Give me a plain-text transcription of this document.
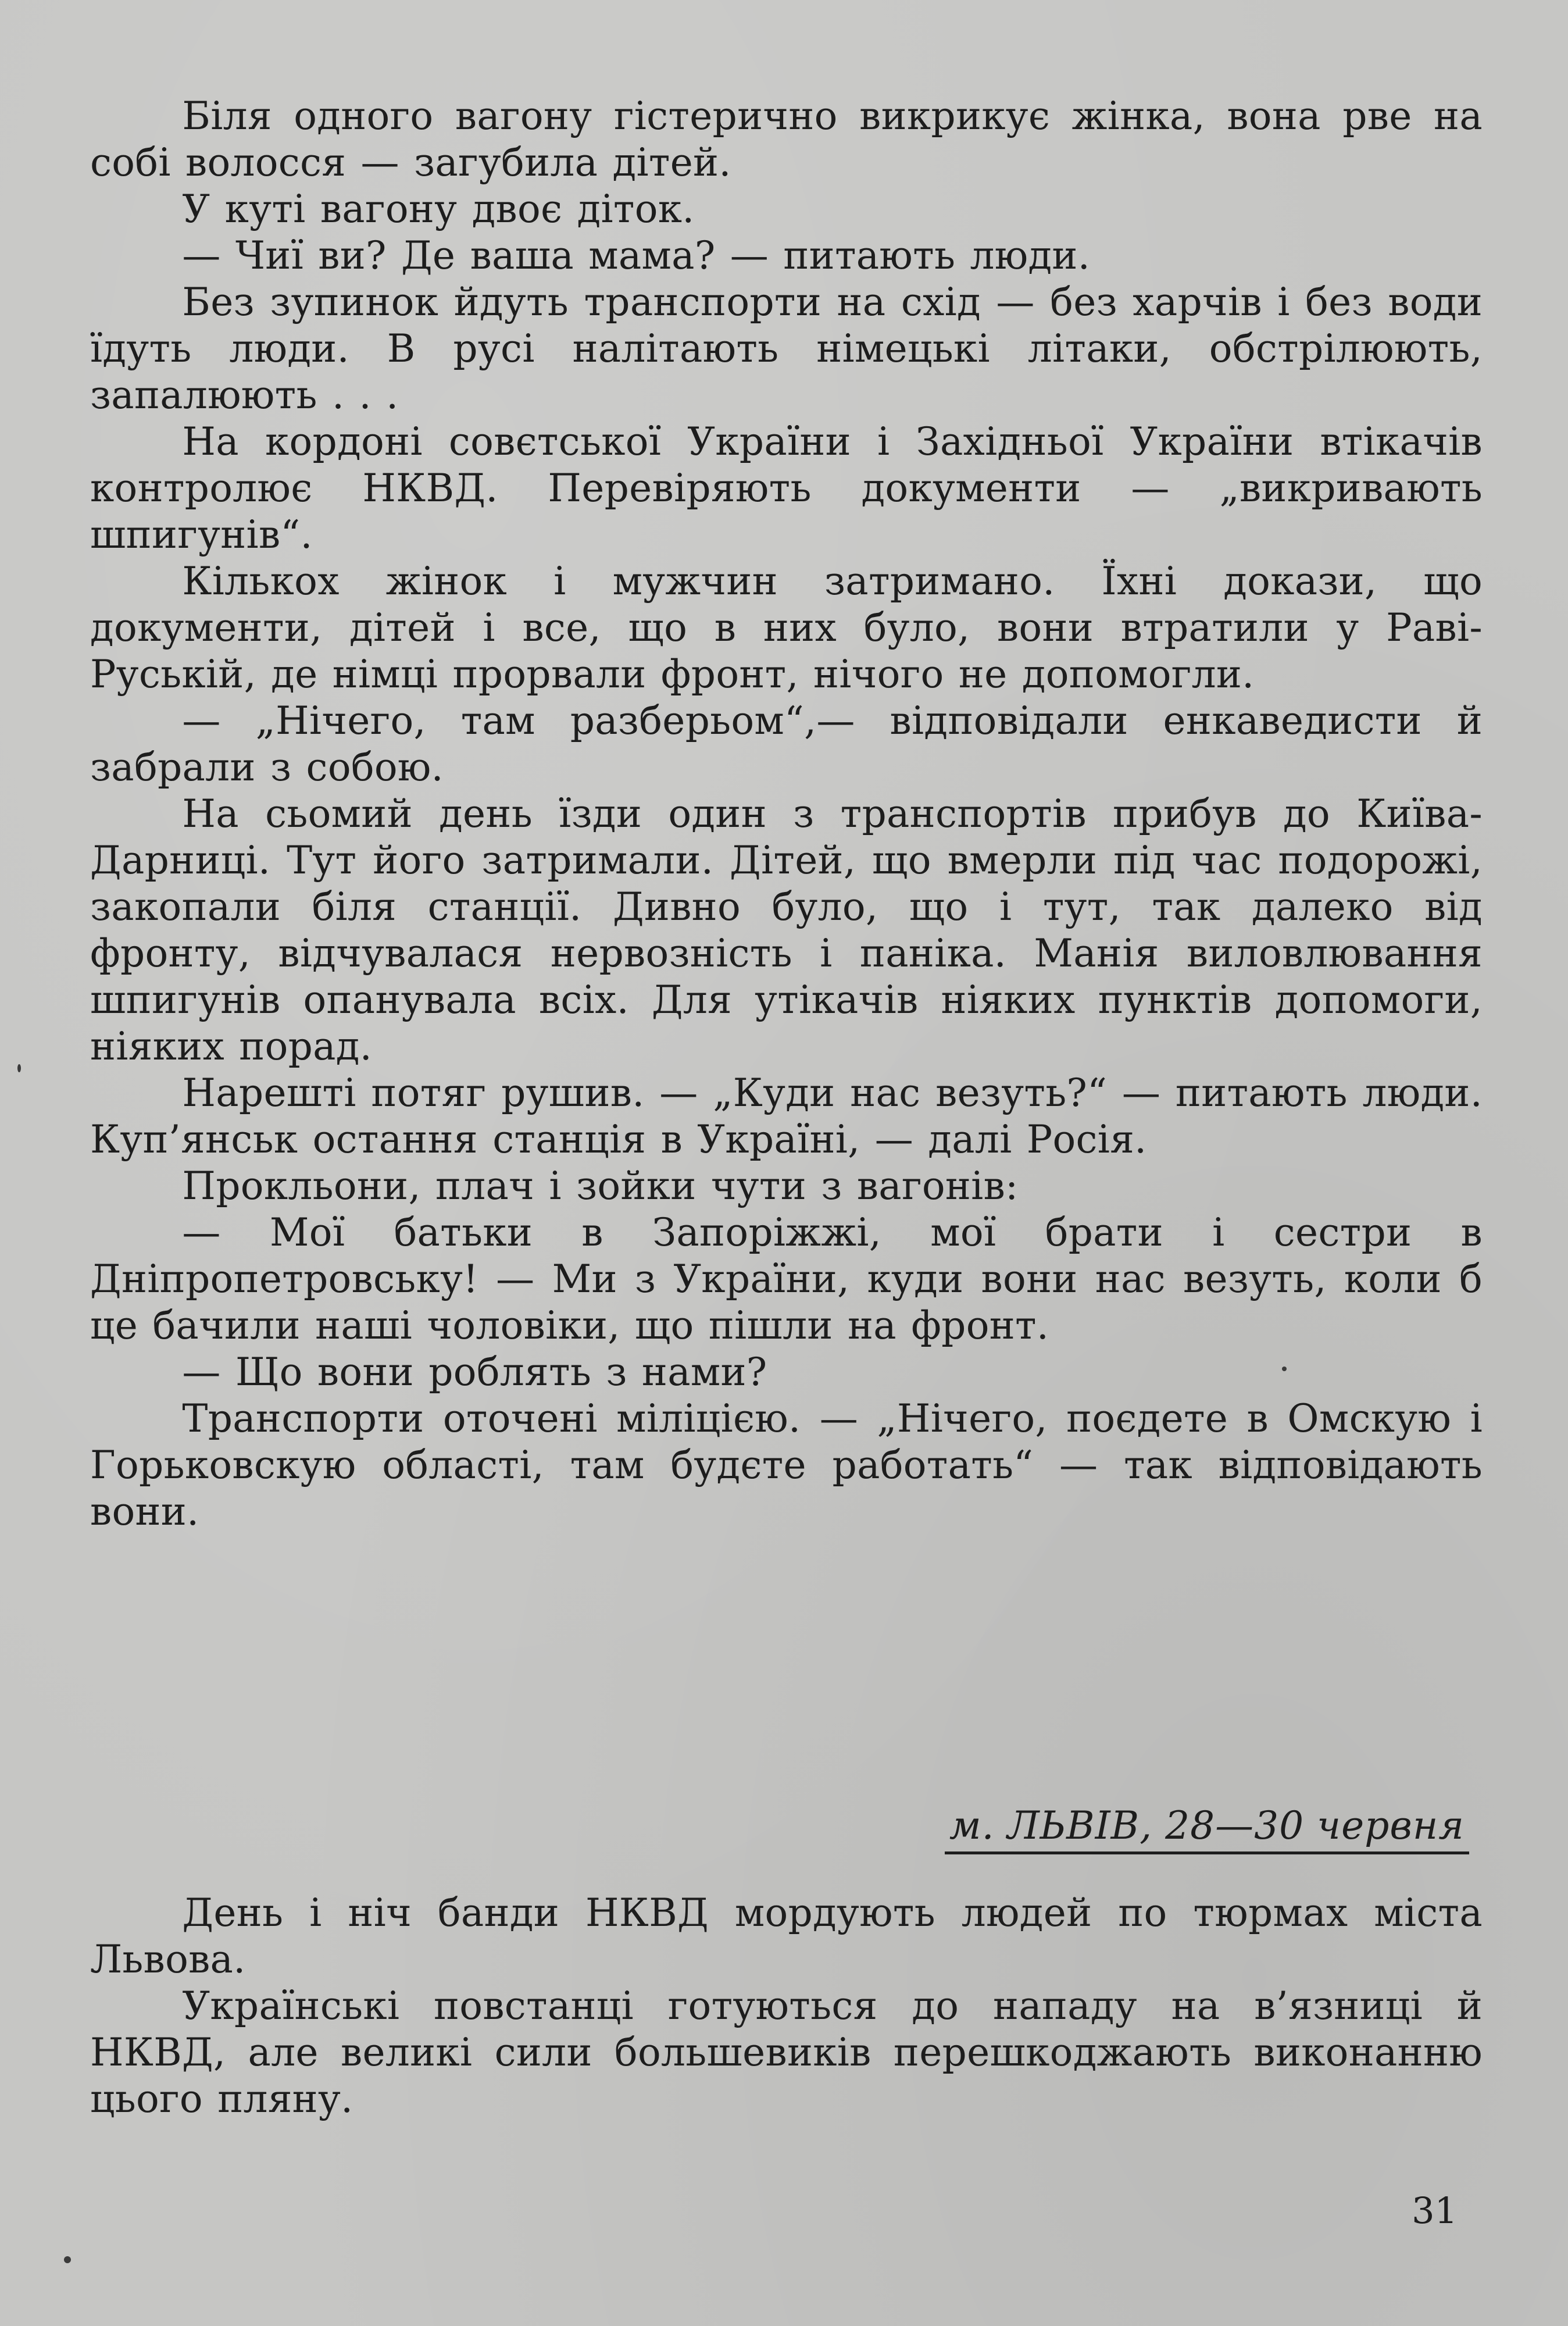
Біля одного вагону гістерично викрикує жінка, вона рве на собі волосся — загубила дітей.

У куті вагону двоє діток.

— Чиї ви? Де ваша мама? — питають люди.

Без зупинок йдуть транспорти на схід — без харчів і без води їдуть люди. В русі налітають німецькі літаки, обстрілюють, запалюють . . .

На кордоні совєтської України і Західньої України втікачів контролює НКВД. Перевіряють документи — „викривають шпигунів“.

Кількох жінок і мужчин затримано. Їхні докази, що документи, дітей і все, що в них було, вони втратили у Раві-Руській, де німці прорвали фронт, нічого не допомогли.

— „Нічего, там разберьом“,— відповідали енкаведисти й забрали з собою.

На сьомий день їзди один з транспортів прибув до Київа-Дарниці. Тут його затримали. Дітей, що вмерли під час подорожі, закопали біля станції. Дивно було, що і тут, так далеко від фронту, відчувалася нервозність і паніка. Манія виловлювання шпигунів опанувала всіх. Для утікачів ніяких пунктів допомоги, ніяких порад.

Нарешті потяг рушив. — „Куди нас везуть?“ — питають люди. Куп’янськ остання станція в Україні, — далі Росія.

Прокльони, плач і зойки чути з вагонів:

— Мої батьки в Запоріжжі, мої брати і сестри в Дніпропетровську! — Ми з України, куди вони нас везуть, коли б це бачили наші чоловіки, що пішли на фронт.

— Що вони роблять з нами?

Транспорти оточені міліцією. — „Нічего, поєдете в Омскую і Горьковскую області, там будєте работать“ — так відповідають вони.

м. ЛЬВІВ, 28—30 червня

День і ніч банди НКВД мордують людей по тюрмах міста Львова.

Українські повстанці готуються до нападу на в’язниці й НКВД, але великі сили большевиків перешкоджають виконанню цього пляну.

31
